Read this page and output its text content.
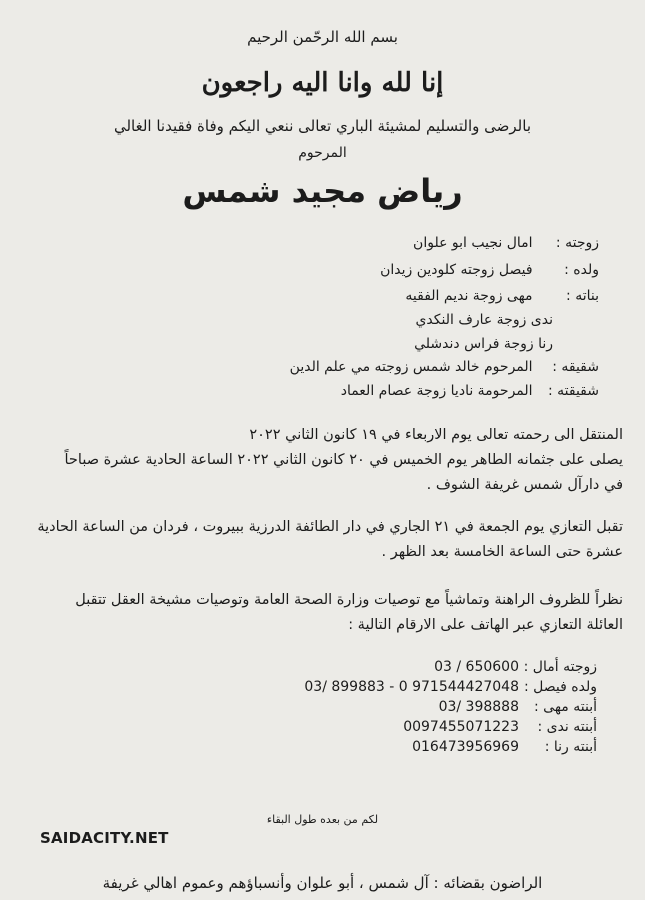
بسم الله الرحّمن الرحيم
إنا لله وانا اليه راجعون
بالرضى والتسليم لمشيئة الباري تعالى ننعي اليكم وفاة فقيدنا الغالي
المرحوم
رياض مجيد شمس
زوجته : امال نجيب ابو علوان
ولده : فيصل زوجته كلودين زيدان
بناته : مهى زوجة نديم الفقيه
ندى زوجة عارف النكدي
رنا زوجة فراس دندشلي
شقيقه : المرحوم خالد شمس زوجته مي علم الدين
شقيقته : المرحومة ناديا زوجة عصام العماد
المنتقل الى رحمته تعالى يوم الاربعاء في ١٩ كانون الثاني ٢٠٢٢
يصلى على جثمانه الطاهر يوم الخميس في ٢٠ كانون الثاني ٢٠٢٢ الساعة الحادية عشرة صباحاً
في دارآل شمس غريفة الشوف .
تقبل التعازي يوم الجمعة في ٢١ الجاري في دار الطائفة الدرزية ببيروت ، فردان من الساعة الحادية
عشرة حتى الساعة الخامسة بعد الظهر .
نظراً للظروف الراهنة وتماشياً مع توصيات وزارة الصحة العامة وتوصيات مشيخة العقل تتقبل
العائلة التعازي عبر الهاتف على الارقام التالية :
زوجته أمال :
03 / 650600
ولده فيصل :
03/ 899883 - 0 971544427048
أبنته مهى :
03/ 398888
أبنته ندى :
0097455071223
أبنته رنا :
016473956969
لكم من بعده طول البقاء
SAIDACITY.NET
الراضون بقضائه : آل شمس ، أبو علوان وأنسباؤهم وعموم اهالي غريفة
